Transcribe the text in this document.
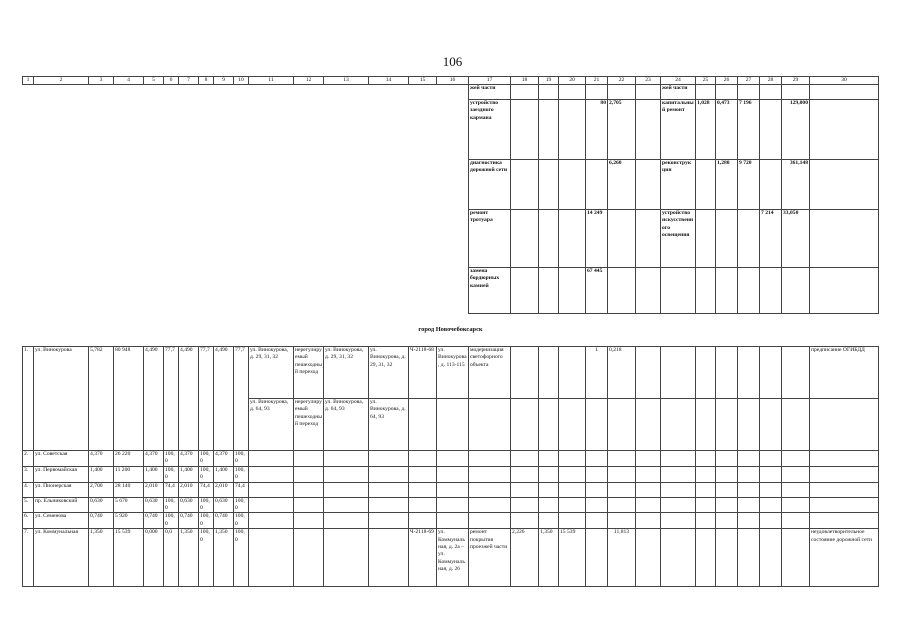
106
1	2	3	4	5	6	7	8	9	10	11	12	13	14	15	16	17	18	19	20	21	22	23	24	25	26	27	28	29	30
																жей части							жей части						
																устройство заездного кармана				80	2,705		капитальный ремонт	1,028	0,473	7 196		129,000	
																диагностика дорожной сети					6,260		реконструкция		1,280	9 720		361,148	
																ремонт тротуара				14 249			устройство искусственного освещения				7 214	33,050	
																замена бордюрных камней				67 445									
город Новочебоксарск																													
1.	ул. Винокурова	5,782	80 948	4,490	77,7	4,490	77,7	4,490	77,7	ул. Винокурова, д. 29, 31, 32	нерегулируемый пешеходный переход	ул. Винокурова, д. 29, 31, 32	ул. Винокурова, д. 29, 31, 32	Ч-2118-68	ул. Винокурова, д. 113-115	модернизация светофорного объекта				1	0,218								предписание ОГИБДД
										ул. Винокурова, д. 64, 93	нерегулируемый пешеходный переход	ул. Винокурова, д. 64, 93	ул. Винокурова, д. 64, 93																
2.	ул. Советская	4,370	26 220	4,370	100,0	4,370	100,0	4,370	100,0																				
3.	ул. Первомайская	1,400	11 200	1,400	100,0	1,400	100,0	1,400	100,0																				
4.	ул. Пионерская	2,700	28 140	2,010	74,4	2,010	74,4	2,010	74,4																				
5.	пр. Ельниковский	0,630	5 670	0,630	100,0	0,630	100,0	0,630	100,0																				
6.	ул. Семенова	0,740	5 920	0,740	100,0	0,740	100,0	0,740	100,0																				
7.	ул. Коммунальная	1,350	15 539	0,000	0,0	1,350	100,0	1,350	100,0					Ч-2118-69	ул. Коммунальная, д. 2а – ул. Коммунальная, д. 26	ремонт покрытия проезжей части	2,226	1,350	15 539		11,813								неудовлетворительное состояние дорожной сети
